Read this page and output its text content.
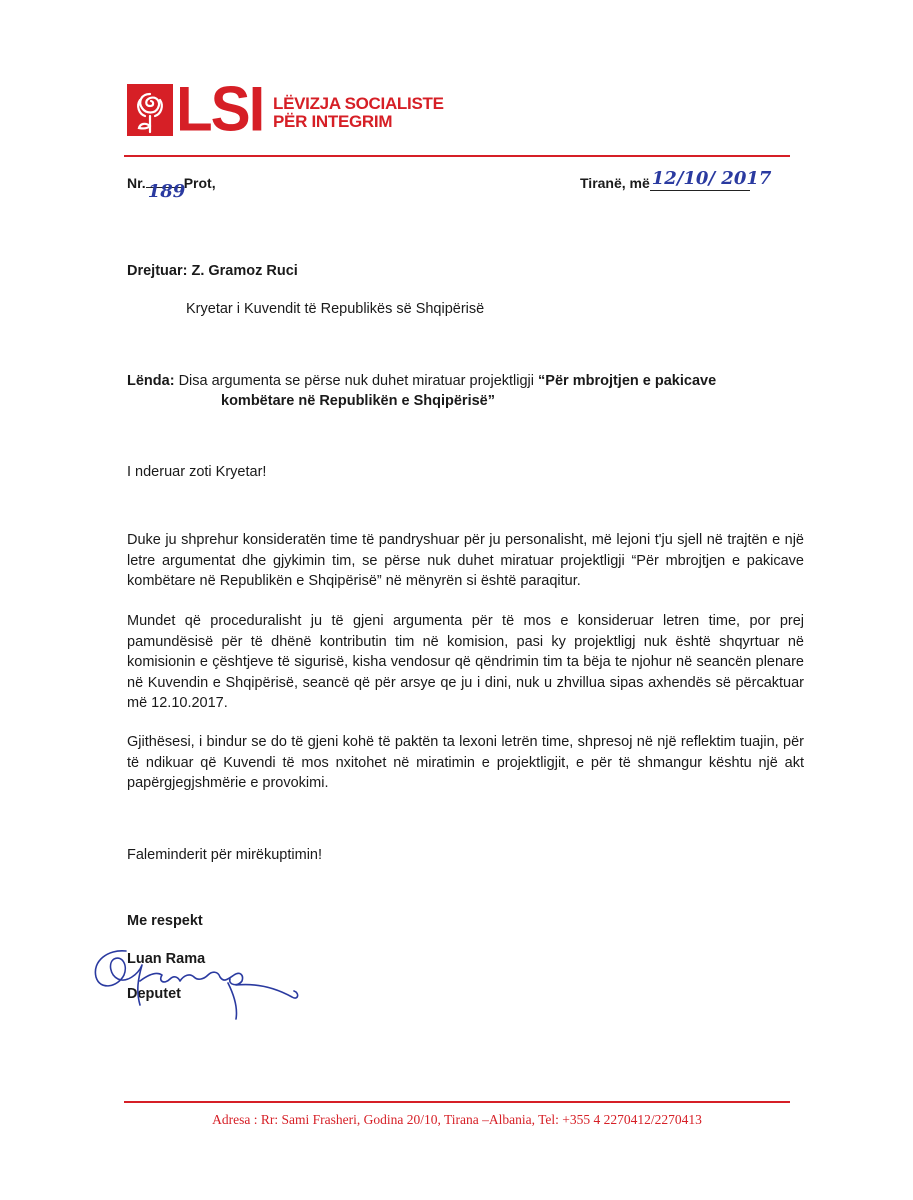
LSI LËVIZJA SOCIALISTE
PËR INTEGRIM
Nr. 189
Prot,	Tiranë, më 12/10/ 2017
Drejtuar: Z. Gramoz Ruci
Kryetar i Kuvendit të Republikës së Shqipërisë
Lënda: Disa argumenta se përse nuk duhet miratuar projektligji “Për mbrojtjen e pakicave
kombëtare në Republikën e Shqipërisë”
I nderuar zoti Kryetar!
Duke ju shprehur konsideratën time të pandryshuar për ju personalisht, më lejoni t'ju sjell në trajtën e një letre argumentat dhe gjykimin tim, se përse nuk duhet miratuar projektligji “Për mbrojtjen e pakicave kombëtare në Republikën e Shqipërisë” në mënyrën si është paraqitur.
Mundet që proceduralisht ju të gjeni argumenta për të mos e konsideruar letren time, por prej pamundësisë për të dhënë kontributin tim në komision, pasi ky projektligj nuk është shqyrtuar në komisionin e çështjeve të sigurisë, kisha vendosur që qëndrimin tim ta bëja te njohur në seancën plenare në Kuvendin e Shqipërisë, seancë që për arsye qe ju i dini, nuk u zhvillua sipas axhendës së përcaktuar më 12.10.2017.
Gjithësesi, i bindur se do të gjeni kohë të paktën ta lexoni letrën time, shpresoj në një reflektim tuajin, për të ndikuar që Kuvendi të mos nxitohet në miratimin e projektligjit, e për të shmangur kështu një akt papërgjegjshmërie e provokimi.
Faleminderit për mirëkuptimin!
Me respekt
Luan Rama
Deputet
Adresa : Rr: Sami Frasheri, Godina 20/10, Tirana –Albania, Tel: +355 4 2270412/2270413
